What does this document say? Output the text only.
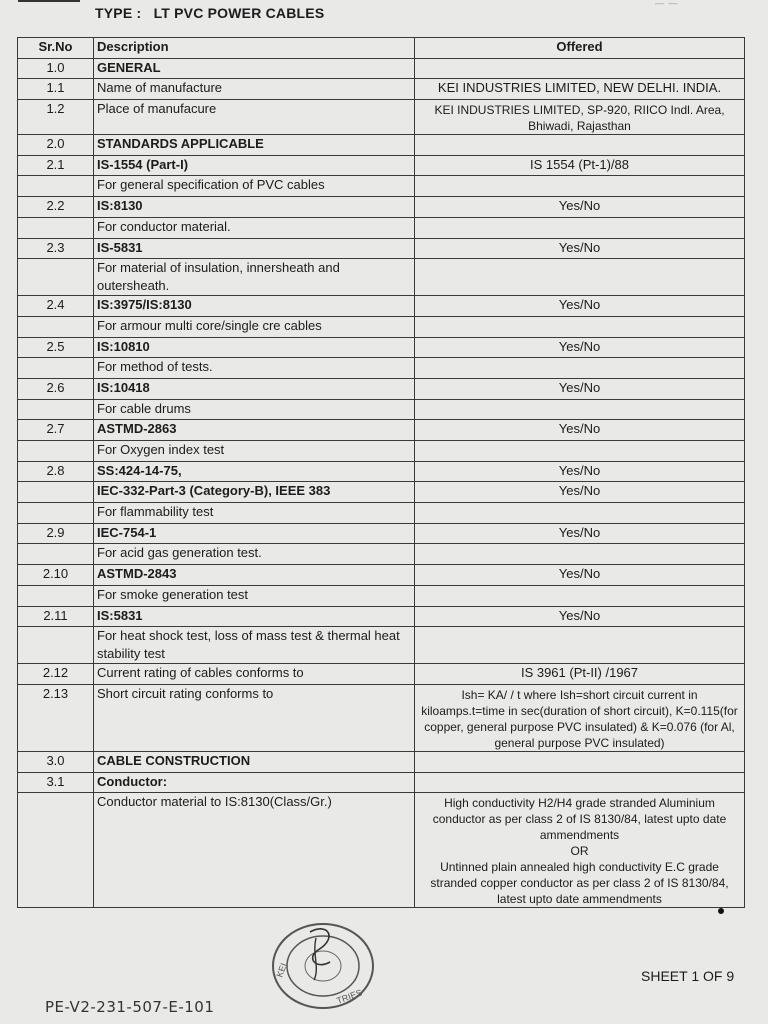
— —
TYPE :   LT PVC POWER CABLES
Sr.No	Description	Offered
1.0	GENERAL	
1.1	Name of manufacture	KEI INDUSTRIES LIMITED, NEW DELHI. INDIA.
1.2	Place of manufacure	KEI INDUSTRIES LIMITED, SP-920, RIICO Indl. Area, Bhiwadi, Rajasthan
2.0	STANDARDS APPLICABLE	
2.1	IS-1554 (Part-I)	IS 1554 (Pt-1)/88
	For general specification of PVC cables	
2.2	IS:8130	Yes/No
	For conductor material.	
2.3	IS-5831	Yes/No
	For material of insulation, innersheath and outersheath.	
2.4	IS:3975/IS:8130	Yes/No
	For armour multi core/single cre cables	
2.5	IS:10810	Yes/No
	For method of tests.	
2.6	IS:10418	Yes/No
	For cable drums	
2.7	ASTMD-2863	Yes/No
	For Oxygen index test	
2.8	SS:424-14-75,	Yes/No
	IEC-332-Part-3 (Category-B), IEEE 383	Yes/No
	For flammability test	
2.9	IEC-754-1	Yes/No
	For acid gas generation test.	
2.10	ASTMD-2843	Yes/No
	For smoke generation test	
2.11	IS:5831	Yes/No
	For heat shock test, loss of mass test & thermal heat stability test	
2.12	Current rating of cables conforms to	IS 3961 (Pt-II) /1967
2.13	Short circuit rating conforms to	Ish= KA/ / t where Ish=short circuit current in kiloamps.t=time in sec(duration of short circuit), K=0.115(for copper, general purpose PVC insulated) & K=0.076 (for Al, general purpose PVC insulated)
3.0	CABLE CONSTRUCTION	
3.1	Conductor:	
	Conductor material to IS:8130(Class/Gr.)	High conductivity H2/H4 grade stranded Aluminium conductor as per class 2 of IS 8130/84, latest upto date ammendments
OR
Untinned plain annealed high conductivity E.C grade stranded copper conductor as per class 2 of IS 8130/84, latest upto date ammendments
KEI
TRIES
SHEET 1 OF 9
PE-V2-231-507-E-101
